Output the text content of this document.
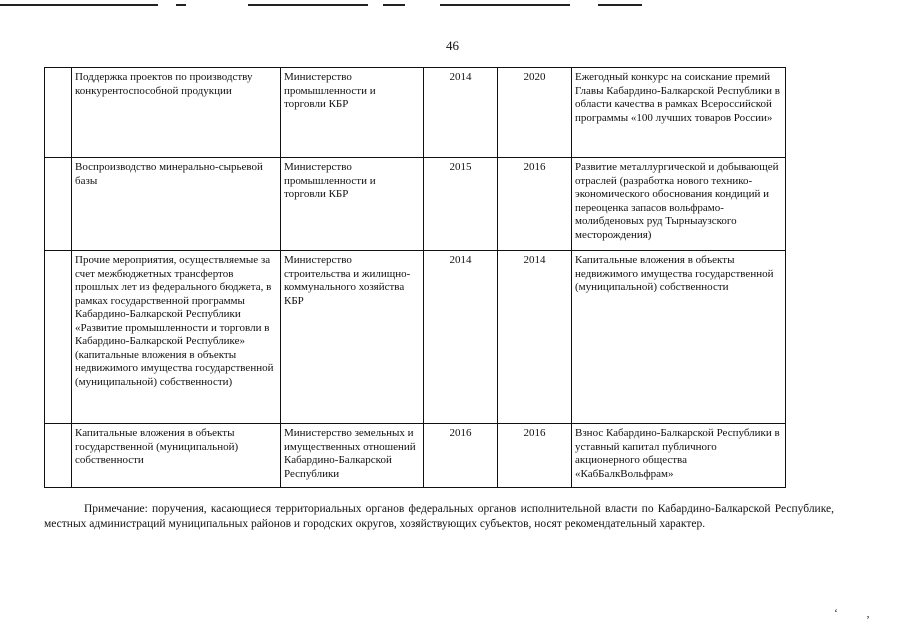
46
	Поддержка проектов по производству конкурентоспособной продукции	Министерство промышленности и торговли КБР	2014	2020	Ежегодный конкурс на соискание премий Главы Кабардино-Балкарской Республики в области качества в рамках Всероссийской программы «100 лучших товаров России»
	Воспроизводство минерально-сырьевой базы	Министерство промышленности и торговли КБР	2015	2016	Развитие металлургической и добывающей отраслей (разработка нового технико-экономического обоснования кондиций и переоценка запасов вольфрамо-молибденовых руд Тырныаузского месторождения)
	Прочие мероприятия, осуществляемые за счет межбюджетных трансфертов прошлых лет из федерального бюджета, в рамках государственной программы Кабардино-Балкарской Республики «Развитие промышленности и торговли в Кабардино-Балкарской Республике» (капитальные вложения в объекты недвижимого имущества государственной (муниципальной) собственности)	Министерство строительства и жилищно-коммунального хозяйства КБР	2014	2014	Капитальные вложения в объекты недвижимого имущества государственной (муниципальной) собственности
	Капитальные вложения в объекты государственной (муниципальной) собственности	Министерство земельных и имущественных отношений Кабардино-Балкарской Республики	2016	2016	Взнос Кабардино-Балкарской Республики в уставный капитал публичного акционерного общества «КабБалкВольфрам»
Примечание: поручения, касающиеся территориальных органов федеральных органов исполнительной власти по Кабардино-Балкарской Республике, местных администраций муниципальных районов и городских округов, хозяйствующих субъектов, носят рекомендательный характер.
‘ ‚
